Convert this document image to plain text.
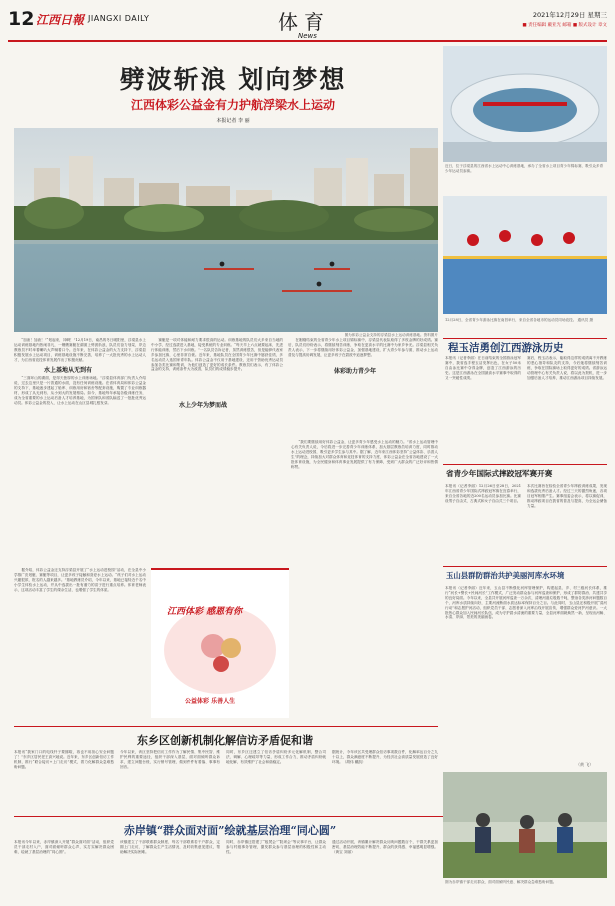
12 江西日報 JIANGXI DAILY	体育
News
2021年12月29日 星期三
■ 责任编辑 戴亚光 邮箱 ■ 版式设计 章文
劈波斩浪 划向梦想
江西体彩公益金有力护航浮梁水上运动
本报记者 李 丽
图为体彩公益金支持的浮梁县水上运动训练基地。资料图片
　　“加油！加油！”“划起来，冲啊！”12月19日，南昌的冬日暖阳里，浮梁县水上运动训练基地内热闹非凡，一艘艘赛艇在湖面上劈波斩浪，队员们奋力划桨，岸边教练员不时举着喇叭大声喊着口令。近年来，在体彩公益金的大力支持下，浮梁县积极发展水上运动项目，训练基地设施不断完善，培养了一大批优秀的水上运动人才，为江西省竞技体育发展作出了积极贡献。
水上基地从无到有
　　“三面环山的湖面，是得天独厚的水上训练场地。”浮梁县体育部门负责人介绍说，过去这里只是一片普通的水面，没有任何训练设施。在省体育局和体彩公益金的支持下，基地逐步建起了船库、训练用房和宿舍等配套设施，购置了专业训练器材，形成了从无到有、从小到大的发展格局。如今，基地每年承接各级训练任务，成为全省重要的水上运动后备人才培养基地，为国家队和省队输送了一批批优秀运动员。体彩公益金的投入，让水上运动在山区县城扎根发芽。
　　赛艇是一项对体能和耐力要求很高的运动。训练基地的队员们大多来自当地的中小学，经过选拔进入基地，接受系统的专业训练。“每天早上六点就要起床，先进行体能训练，然后下水训练。”一名队员告诉记者，虽然训练很苦，但是能够代表家乡参加比赛，心里非常自豪。近年来，基地队员在全国青少年比赛中屡获佳绩，多名运动员入选国家青年队。体彩公益金不仅用于基地建设，还用于资助优秀运动员参加各类比赛和集训，为他们创造了更好的成长条件。教练员们表示，有了体彩公益金的支持，训练条件大为改善，队员们的成绩稳步提升。
水上少年为梦而战
　　在刚刚结束的全省青少年水上项目锦标赛中，浮梁县代表队取得了多枚金牌的好成绩。赛后，队员们纷纷表示，将继续刻苦训练，争取在更高水平的比赛中为家乡争光。浮梁县相关负责人表示，下一步将继续用好体彩公益金，加强基地建设，扩大青少年参与面，推动水上运动普及与提高协调发展，让更多孩子在碧波中追逐梦想。
体彩助力青少年
江西体彩 感恩有你
公益体彩 乐善人生
　　“我们要继续用好体彩公益金，让更多青少年感受水上运动的魅力。”省水上运动管理中心有关负责人说，今后将进一步完善青少年训练体系，加大基层教练员培训力度，同时推动水上运动进校园，吸引更多学生参与其中。据了解，近年来江西体彩坚持“公益体彩、乐善人生”的理念，持续加大对群众体育和竞技体育的支持力度，体彩公益金在全省各地建设了一大批体育设施，为全民健身和体育事业发展提供了有力保障，受到广大群众的广泛好评和热情称赞。
　　据介绍，体彩公益金还支持浮梁县开展了“水上运动进校园”活动，在全县中小学推广皮划艇、赛艇等项目，让更多孩子接触和喜爱水上运动。“孩子们对水上运动兴趣很浓，报名的人越来越多。”基地教练员介绍，今年以来，基地已接待近千名中小学生体验水上运动，并从中选拔出一批有潜力的苗子进行重点培养。体育老师表示，这项活动丰富了学生的课余生活，也增强了学生的体质。
近日，位于浮梁县的江西省水上运动中心训练基地，承办了全省水上项目青少年锦标赛，吸引众多青少年运动员参赛。
12月28日，全省青少年游泳比赛在南昌举行，来自全省各地市的运动员同场竞技。 通讯员 摄
程玉洁勇创江西游泳历史
本报讯（记者李丽）在日前结束的全国游泳冠军赛中，我省选手程玉洁发挥出色，在女子50米自由泳比赛中夺得金牌，创造了江西游泳的历史。这是江西游泳在全国最高水平赛事中取得的又一突破性成绩。
赛后，程玉洁表示，能取得这样的成绩离不开教练的悉心指导和队友的支持，今后她将继续刻苦训练，争取在国际赛场上取得更好的成绩。省游泳运动管理中心有关负责人说，将以此为契机，进一步加强后备人才培养，推动江西游泳项目持续发展。
省青少年国际式摔跤冠军赛开赛
本报讯（记者李丽）12月26日至28日，2021年江西省青少年国际式摔跤冠军赛在宜春举行，来自全省各地的近200名运动员参加比赛。比赛设男子自由式、古典式和女子自由式三个项目。
本次比赛旨在检验全省青少年摔跤训练成果，发现和选拔优秀后备人才。经过三天的激烈角逐，各项目冠军相继产生。赛事组委会表示，将以赛促训，推动摔跤项目在我省的普及与提高，为全运会储备力量。
玉山县群防群治共护美丽河库水环境
本报讯（记者李丽）近年来，玉山县不断强化河库管理保护，构建起县、乡、村三级河长体系，推行“河长+警长+民间河长”工作模式，广泛发动群众参与河库巡查和保护，形成了群防群治、共建共享的良好局面。今年以来，全县共开展河库巡查一万余次，清理河道垃圾数千吨，整治各类涉河问题数百个，河库水质持续向好，主要河流断面水质达标率保持百分之百。与此同时，玉山县还积极开展“清河行动”和志愿护河活动，组织党员干部、志愿者深入河库沿线开展宣传，增强群众爱河护河意识。一大批热心群众加入民间河长队伍，成为守护碧水清流的重要力量，全县河库面貌焕然一新，呈现出河畅、水清、岸绿、景美的美丽画卷。
（黄 飞）
东乡区创新机制化解信访矛盾促和谐
本报讯“我家门口的电线杆子要挪啦，再也不用担心安全问题了！”东乡区居民老王高兴地说。近年来，东乡区创新信访工作机制，推行“联合接访+上门走访”模式，着力化解群众急难愁盼问题。
今年以来，该区坚持把信访工作作为了解民情、集中民智、维护民利的重要途径，组织干部深入基层，面对面倾听群众诉求，建立问题台账，实行销号管理，做到件件有着落、事事有回音。
同时，东乡区还建立了信访矛盾纠纷多元化解机制，整合司法、调解、心理疏导等力量，形成工作合力，推动矛盾纠纷就地化解，有效维护了社会和谐稳定。
据统计，今年该区共受理群众信访事项数百件，化解率达百分之九十以上，群众满意度不断提升，为经济社会高质量发展营造了良好环境。（胡伟 戴凯）
赤岸镇“群众面对面”绘就基层治理“同心圆”
本报讯今年以来，赤岸镇深入开展“群众面对面”活动，组织党员干部走村入户，面对面倾听群众心声，实打实解决群众困难，绘就了基层治理的“同心圆”。
该镇建立了干部联系群众制度，每名干部联系若干户群众，定期上门走访，了解群众生产生活情况，及时收集意见建议，帮助解决实际困难。
同时，赤岸镇还搭建了“板凳会”“院坝会”等议事平台，让群众参与村级事务管理，激发群众参与基层治理的积极性和主动性。
通过活动开展，该镇累计解决群众反映问题数百个，干群关系更加密切，基层治理效能不断提升，群众的获得感、幸福感明显增强。（黄宝 刘丽）
图为赤岸镇干部走访群众，面对面倾听民意、解决群众急难愁盼问题。
